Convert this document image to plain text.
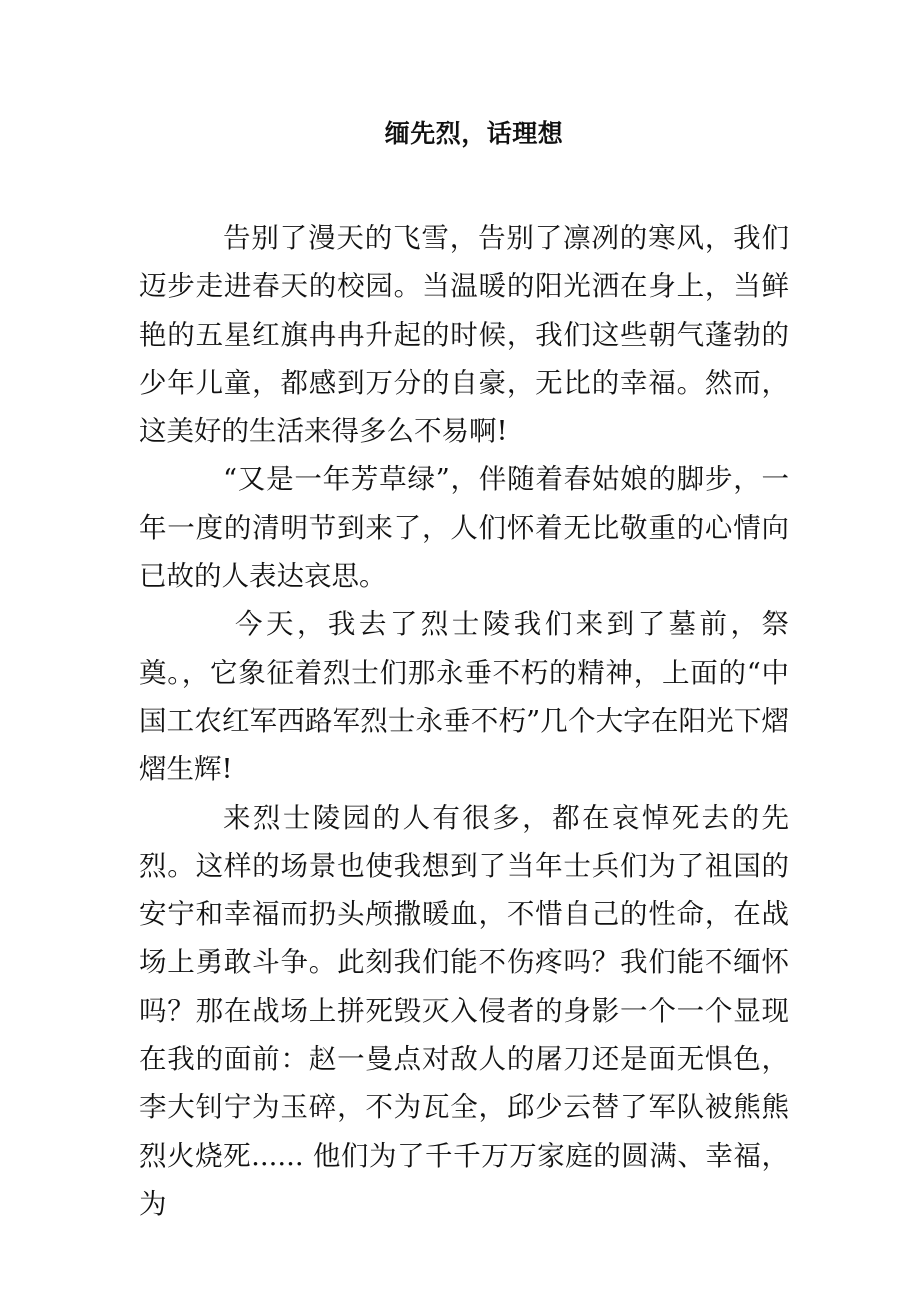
缅先烈，话理想

告别了漫天的飞雪，告别了凛冽的寒风，我们迈步走进春天的校园。当温暖的阳光洒在身上，当鲜艳的五星红旗冉冉升起的时候，我们这些朝气蓬勃的少年儿童，都感到万分的自豪，无比的幸福。然而，这美好的生活来得多么不易啊!

“又是一年芳草绿”，伴随着春姑娘的脚步，一年一度的清明节到来了，人们怀着无比敬重的心情向已故的人表达哀思。

今天，我去了烈士陵我们来到了墓前，祭奠。，它象征着烈士们那永垂不朽的精神，上面的“中国工农红军西路军烈士永垂不朽”几个大字在阳光下熠熠生辉!

来烈士陵园的人有很多，都在哀悼死去的先烈。这样的场景也使我想到了当年士兵们为了祖国的安宁和幸福而扔头颅撒暖血，不惜自己的性命，在战场上勇敢斗争。此刻我们能不伤疼吗？我们能不缅怀吗？那在战场上拼死毁灭入侵者的身影一个一个显现在我的面前：赵一曼点对敌人的屠刀还是面无惧色，李大钊宁为玉碎，不为瓦全，邱少云替了军队被熊熊烈火烧死...... 他们为了千千万万家庭的圆满、幸福，为
